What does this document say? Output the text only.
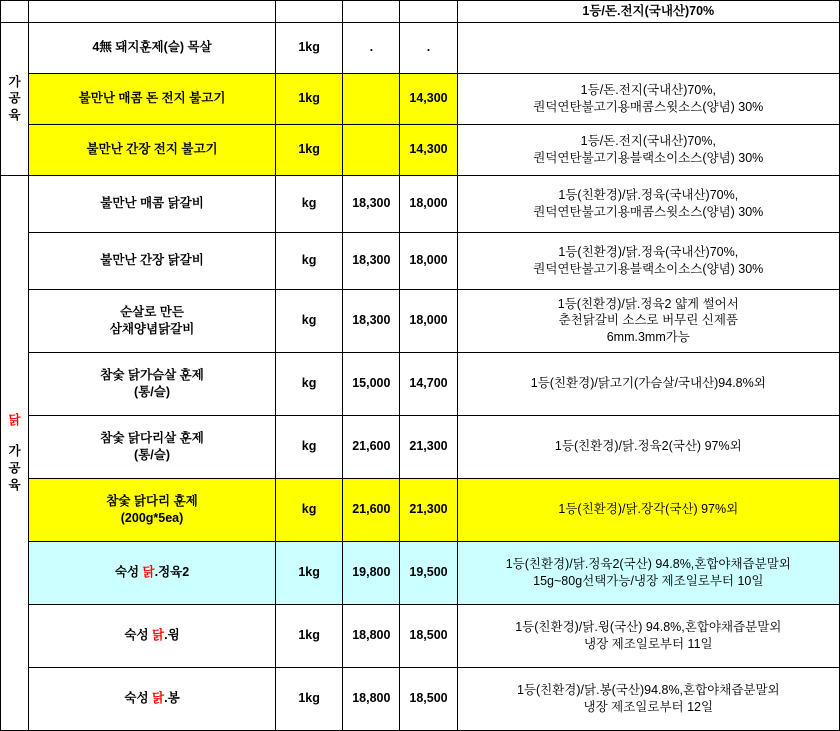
					1등/돈.전지(국내산)70%

가
공
육	4無 돼지훈제(슬) 목살	1kg	.	.	
	불만난 매콤 돈 전지 불고기	1kg		14,300	1등/돈.전지(국내산)70%,
퀀덕연탄불고기용매콤스윗소스(양념) 30%

	불만난 간장 전지 불고기	1kg		14,300	1등/돈.전지(국내산)70%,
퀀덕연탄불고기용블랙소이소스(양념) 30%

닭
가
공
육	불만난 매콤 닭갈비	kg	18,300	18,000	1등(친환경)/닭.정육(국내산)70%,
퀀덕연탄불고기용매콤스윗소스(양념) 30%

	불만난 간장 닭갈비	kg	18,300	18,000	1등(친환경)/닭.정육(국내산)70%,
퀀덕연탄불고기용블랙소이소스(양념) 30%

	순살로 만든
삼채양념닭갈비	kg	18,300	18,000	1등(친환경)/닭.정육2 얇게 썰어서
춘천닭갈비 소스로 버무린 신제품
6mm.3mm가능

	참숯 닭가슴살 훈제
(통/슬)	kg	15,000	14,700	1등(친환경)/닭고기(가슴살/국내산)94.8%외

	참숯 닭다리살 훈제
(통/슬)	kg	21,600	21,300	1등(친환경)/닭.정육2(국산) 97%외

	참숯 닭다리 훈제
(200g*5ea)	kg	21,600	21,300	1등(친환경)/닭.장각(국산) 97%외
	숙성 닭.정육2	1kg	19,800	19,500	1등(친환경)/닭.정육2(국산) 94.8%,혼합야채즙분말외
15g~80g선택가능/냉장 제조일로부터 10일

	숙성 닭.윙	1kg	18,800	18,500	1등(친환경)/닭.윙(국산) 94.8%,혼합야채즙분말외
냉장 제조일로부터 11일

	숙성 닭.봉	1kg	18,800	18,500	1등(친환경)/닭.봉(국산)94.8%,혼합야채즙분말외
냉장 제조일로부터 12일
